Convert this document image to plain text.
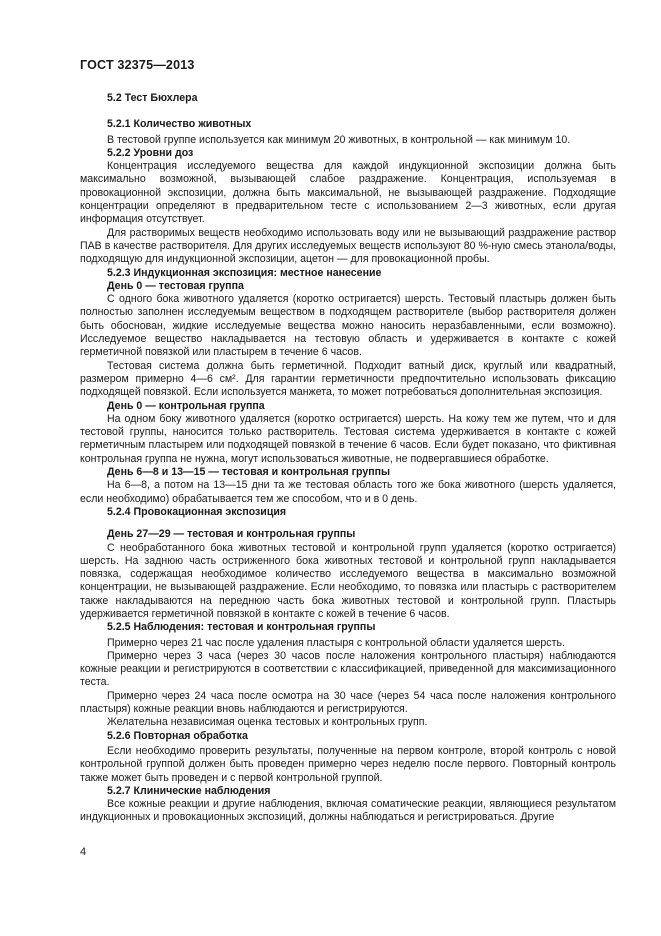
ГОСТ 32375—2013
5.2 Тест Бюхлера
5.2.1 Количество животных

В тестовой группе используется как минимум 20 животных, в контрольной — как минимум 10.

5.2.2 Уровни доз

Концентрация исследуемого вещества для каждой индукционной экспозиции должна быть максимально возможной, вызывающей слабое раздражение. Концентрация, используемая в провокационной экспозиции, должна быть максимальной, не вызывающей раздражение. Подходящие концентрации определяют в предварительном тесте с использованием 2—3 животных, если другая информация отсутствует.

Для растворимых веществ необходимо использовать воду или не вызывающий раздражение раствор ПАВ в качестве растворителя. Для других исследуемых веществ используют 80 %-ную смесь этанола/воды, подходящую для индукционной экспозиции, ацетон — для провокационной пробы.

5.2.3 Индукционная экспозиция: местное нанесение
День 0 — тестовая группа

С одного бока животного удаляется (коротко остригается) шерсть. Тестовый пластырь должен быть полностью заполнен исследуемым веществом в подходящем растворителе (выбор растворителя должен быть обоснован, жидкие исследуемые вещества можно наносить неразбавленными, если возможно). Исследуемое вещество накладывается на тестовую область и удерживается в контакте с кожей герметичной повязкой или пластырем в течение 6 часов.

Тестовая система должна быть герметичной. Подходит ватный диск, круглый или квадратный, размером примерно 4—6 см². Для гарантии герметичности предпочтительно использовать фиксацию подходящей повязкой. Если используется манжета, то может потребоваться дополнительная экспозиция.

День 0 — контрольная группа

На одном боку животного удаляется (коротко остригается) шерсть. На кожу тем же путем, что и для тестовой группы, наносится только растворитель. Тестовая система удерживается в контакте с кожей герметичным пластырем или подходящей повязкой в течение 6 часов. Если будет показано, что фиктивная контрольная группа не нужна, могут использоваться животные, не подвергавшиеся обработке.

День 6—8 и 13—15 — тестовая и контрольная группы

На 6—8, а потом на 13—15 дни та же тестовая область того же бока животного (шерсть удаляется, если необходимо) обрабатывается тем же способом, что и в 0 день.

5.2.4 Провокационная экспозиция
День 27—29 — тестовая и контрольная группы

С необработанного бока животных тестовой и контрольной групп удаляется (коротко остригается) шерсть. На заднюю часть остриженного бока животных тестовой и контрольной групп накладывается повязка, содержащая необходимое количество исследуемого вещества в максимально возможной концентрации, не вызывающей раздражение. Если необходимо, то повязка или пластырь с растворителем также накладываются на переднюю часть бока животных тестовой и контрольной групп. Пластырь удерживается герметичной повязкой в контакте с кожей в течение 6 часов.

5.2.5 Наблюдения: тестовая и контрольная группы

Примерно через 21 час после удаления пластыря с контрольной области удаляется шерсть.

Примерно через 3 часа (через 30 часов после наложения контрольного пластыря) наблюдаются кожные реакции и регистрируются в соответствии с классификацией, приведенной для максимизационного теста.

Примерно через 24 часа после осмотра на 30 часе (через 54 часа после наложения контрольного пластыря) кожные реакции вновь наблюдаются и регистрируются.

Желательна независимая оценка тестовых и контрольных групп.

5.2.6 Повторная обработка

Если необходимо проверить результаты, полученные на первом контроле, второй контроль с новой контрольной группой должен быть проведен примерно через неделю после первого. Повторный контроль также может быть проведен и с первой контрольной группой.

5.2.7 Клинические наблюдения

Все кожные реакции и другие наблюдения, включая соматические реакции, являющиеся результатом индукционных и провокационных экспозиций, должны наблюдаться и регистрироваться. Другие

4
